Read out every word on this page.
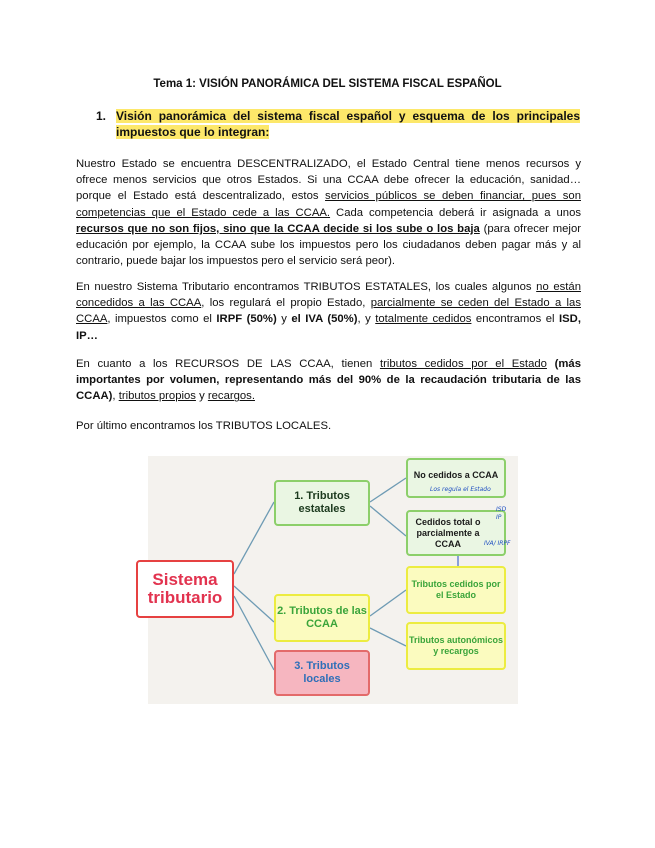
Tema 1: VISIÓN PANORÁMICA DEL SISTEMA FISCAL ESPAÑOL
1. Visión panorámica del sistema fiscal español y esquema de los principales impuestos que lo integran:

Nuestro Estado se encuentra DESCENTRALIZADO, el Estado Central tiene menos recursos y ofrece menos servicios que otros Estados. Si una CCAA debe ofrecer la educación, sanidad… porque el Estado está descentralizado, estos servicios públicos se deben financiar, pues son competencias que el Estado cede a las CCAA. Cada competencia deberá ir asignada a unos recursos que no son fijos, sino que la CCAA decide si los sube o los baja (para ofrecer mejor educación por ejemplo, la CCAA sube los impuestos pero los ciudadanos deben pagar más y al contrario, puede bajar los impuestos pero el servicio será peor).

En nuestro Sistema Tributario encontramos TRIBUTOS ESTATALES, los cuales algunos no están concedidos a las CCAA, los regulará el propio Estado, parcialmente se ceden del Estado a las CCAA, impuestos como el IRPF (50%) y el IVA (50%), y totalmente cedidos encontramos el ISD, IP…

En cuanto a los RECURSOS DE LAS CCAA, tienen tributos cedidos por el Estado (más importantes por volumen, representando más del 90% de la recaudación tributaria de las CCAA), tributos propios y recargos.

Por último encontramos los TRIBUTOS LOCALES.

Sistema tributario
1. Tributos estatales
2. Tributos de las CCAA
3. Tributos locales
No cedidos a CCAA
Cedidos total o parcialmente a CCAA
Tributos cedidos por el Estado
Tributos autonómicos y recargos
Los regula el Estado
ISD
IP
IVA/ IRPF
